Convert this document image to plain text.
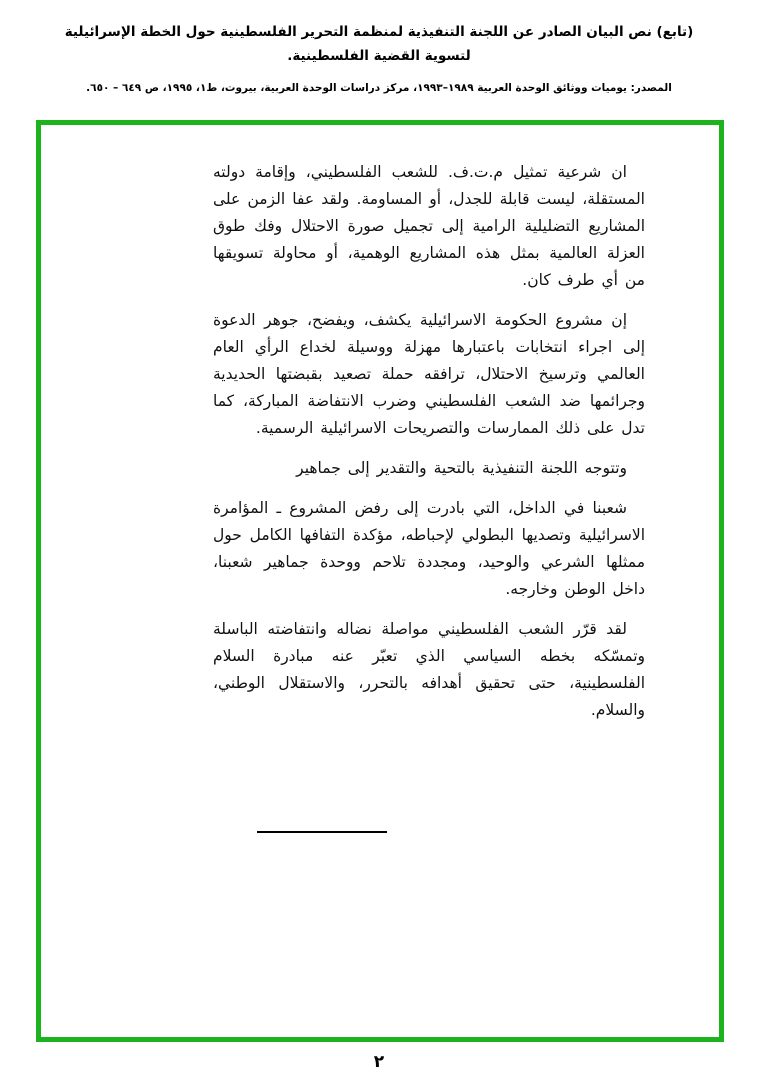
(تابع) نص البيان الصادر عن اللجنة التنفيذية لمنظمة التحرير الفلسطينية حول الخطة الإسرائيلية لتسوية القضية الفلسطينية.
المصدر: يوميات ووثائق الوحدة العربية ١٩٨٩–١٩٩٣، مركز دراسات الوحدة العربية، بيروت، ط١، ١٩٩٥، ص ٦٤٩ – ٦٥٠.

ان شرعية تمثيل م.ت.ف. للشعب الفلسطيني، وإقامة دولته المستقلة، ليست قابلة للجدل، أو المساومة. ولقد عفا الزمن على المشاريع التضليلية الرامية إلى تجميل صورة الاحتلال وفك طوق العزلة العالمية بمثل هذه المشاريع الوهمية، أو محاولة تسويقها من أي طرف كان.

إن مشروع الحكومة الاسرائيلية يكشف، ويفضح، جوهر الدعوة إلى اجراء انتخابات باعتبارها مهزلة ووسيلة لخداع الرأي العام العالمي وترسيخ الاحتلال، ترافقه حملة تصعيد بقبضتها الحديدية وجرائمها ضد الشعب الفلسطيني وضرب الانتفاضة المباركة، كما تدل على ذلك الممارسات والتصريحات الاسرائيلية الرسمية.

وتتوجه اللجنة التنفيذية بالتحية والتقدير إلى جماهير

شعبنا في الداخل، التي بادرت إلى رفض المشروع ـ المؤامرة الاسرائيلية وتصديها البطولي لإحباطه، مؤكدة التفافها الكامل حول ممثلها الشرعي والوحيد، ومجددة تلاحم ووحدة جماهير شعبنا، داخل الوطن وخارجه.

لقد قرّر الشعب الفلسطيني مواصلة نضاله وانتفاضته الباسلة وتمسّكه بخطه السياسي الذي تعبّر عنه مبادرة السلام الفلسطينية، حتى تحقيق أهدافه بالتحرر، والاستقلال الوطني، والسلام.

٢
